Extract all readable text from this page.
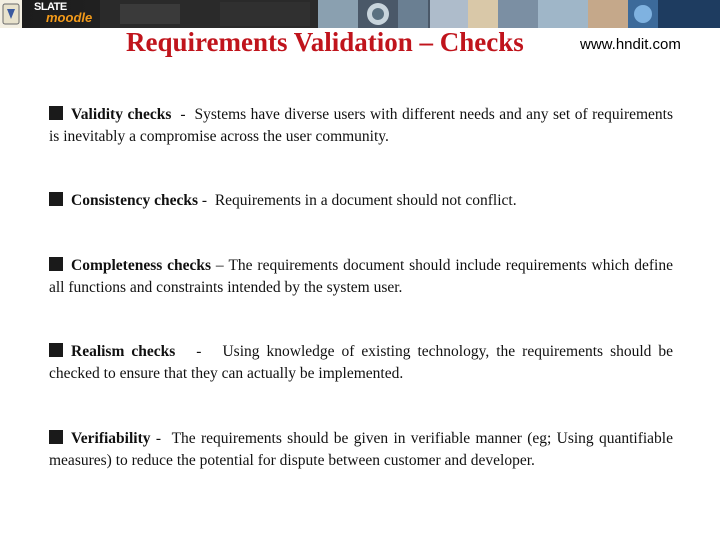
SLATE
moodle
Requirements Validation – Checks	www.hndit.com
Validity checks - Systems have diverse users with different needs and any set of requirements is inevitably a compromise across the user community.
Consistency checks - Requirements in a document should not conflict.
Completeness checks – The requirements document should include requirements which define all functions and constraints intended by the system user.
Realism checks - Using knowledge of existing technology, the requirements should be checked to ensure that they can actually be implemented.
Verifiability - The requirements should be given in verifiable manner (eg; Using quantifiable measures) to reduce the potential for dispute between customer and developer.
